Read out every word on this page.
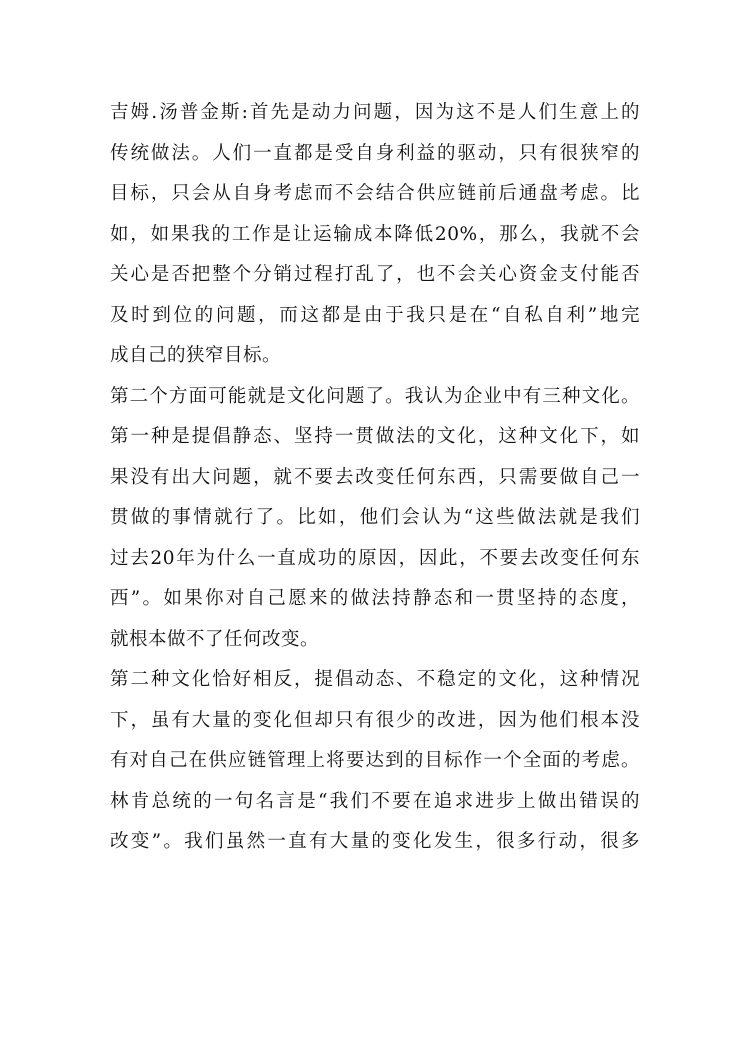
吉姆.汤普金斯:首先是动力问题，因为这不是人们生意上的
传统做法。人们一直都是受自身利益的驱动，只有很狭窄的
目标，只会从自身考虑而不会结合供应链前后通盘考虑。比
如，如果我的工作是让运输成本降低20%，那么，我就不会
关心是否把整个分销过程打乱了，也不会关心资金支付能否
及时到位的问题，而这都是由于我只是在“自私自利”地完
成自己的狭窄目标。
第二个方面可能就是文化问题了。我认为企业中有三种文化。
第一种是提倡静态、坚持一贯做法的文化，这种文化下，如
果没有出大问题，就不要去改变任何东西，只需要做自己一
贯做的事情就行了。比如，他们会认为“这些做法就是我们
过去20年为什么一直成功的原因，因此，不要去改变任何东
西”。如果你对自己愿来的做法持静态和一贯坚持的态度，
就根本做不了任何改变。
第二种文化恰好相反，提倡动态、不稳定的文化，这种情况
下，虽有大量的变化但却只有很少的改进，因为他们根本没
有对自己在供应链管理上将要达到的目标作一个全面的考虑。
林肯总统的一句名言是“我们不要在追求进步上做出错误的
改变”。我们虽然一直有大量的变化发生，很多行动，很多
